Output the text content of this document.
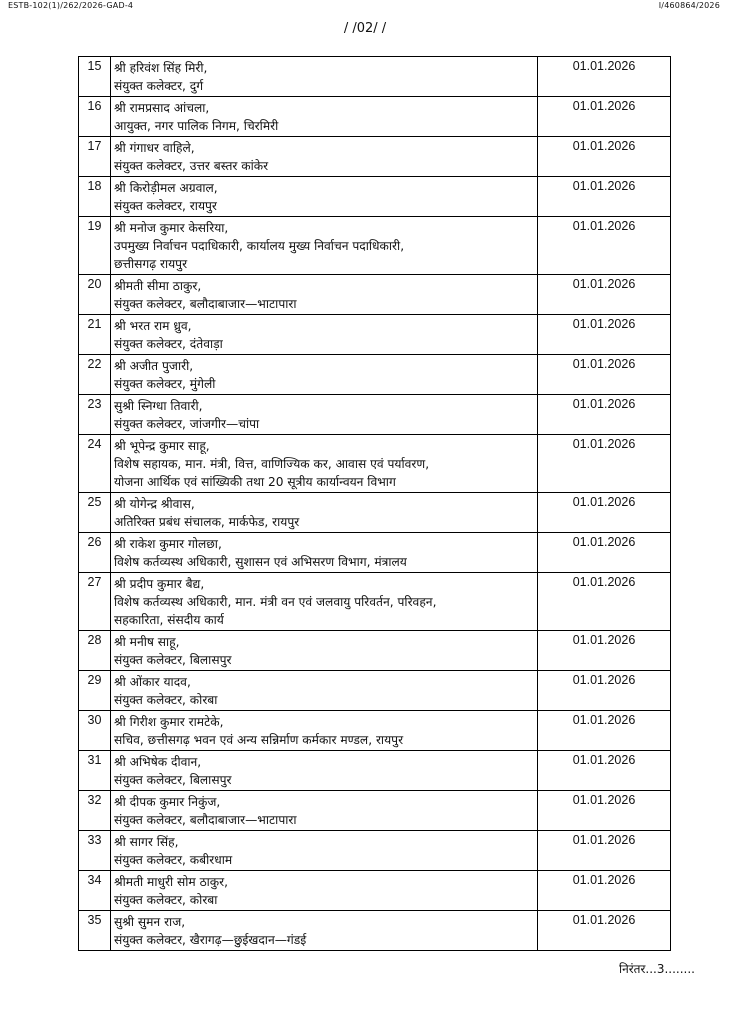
ESTB-102(1)/262/2026-GAD-4	I/460864/2026
/ /02/ /
15	श्री हरिवंश सिंह मिरी,
संयुक्त कलेक्टर, दुर्ग	01.01.2026
16	श्री रामप्रसाद आंचला,
आयुक्त, नगर पालिक निगम, चिरमिरी	01.01.2026
17	श्री गंगाधर वाहिले,
संयुक्त कलेक्टर, उत्तर बस्तर कांकेर	01.01.2026
18	श्री किरोड़ीमल अग्रवाल,
संयुक्त कलेक्टर, रायपुर	01.01.2026
19	श्री मनोज कुमार केसरिया,
उपमुख्य निर्वाचन पदाधिकारी, कार्यालय मुख्य निर्वाचन पदाधिकारी,
छत्तीसगढ़ रायपुर	01.01.2026
20	श्रीमती सीमा ठाकुर,
संयुक्त कलेक्टर, बलौदाबाजार—भाटापारा	01.01.2026
21	श्री भरत राम ध्रुव,
संयुक्त कलेक्टर, दंतेवाड़ा	01.01.2026
22	श्री अजीत पुजारी,
संयुक्त कलेक्टर, मुंगेली	01.01.2026
23	सुश्री स्निग्धा तिवारी,
संयुक्त कलेक्टर, जांजगीर—चांपा	01.01.2026
24	श्री भूपेन्द्र कुमार साहू,
विशेष सहायक, मान. मंत्री, वित्त, वाणिज्यिक कर, आवास एवं पर्यावरण,
योजना आर्थिक एवं सांख्यिकी तथा 20 सूत्रीय कार्यान्वयन विभाग	01.01.2026
25	श्री योगेन्द्र श्रीवास,
अतिरिक्त प्रबंध संचालक, मार्कफेड, रायपुर	01.01.2026
26	श्री राकेश कुमार गोलछा,
विशेष कर्तव्यस्थ अधिकारी, सुशासन एवं अभिसरण विभाग, मंत्रालय	01.01.2026
27	श्री प्रदीप कुमार बैद्य,
विशेष कर्तव्यस्थ अधिकारी, मान. मंत्री वन एवं जलवायु परिवर्तन, परिवहन,
सहकारिता, संसदीय कार्य	01.01.2026
28	श्री मनीष साहू,
संयुक्त कलेक्टर, बिलासपुर	01.01.2026
29	श्री ओंकार यादव,
संयुक्त कलेक्टर, कोरबा	01.01.2026
30	श्री गिरीश कुमार रामटेके,
सचिव, छत्तीसगढ़ भवन एवं अन्य सन्निर्माण कर्मकार मण्डल, रायपुर	01.01.2026
31	श्री अभिषेक दीवान,
संयुक्त कलेक्टर, बिलासपुर	01.01.2026
32	श्री दीपक कुमार निकुंज,
संयुक्त कलेक्टर, बलौदाबाजार—भाटापारा	01.01.2026
33	श्री सागर सिंह,
संयुक्त कलेक्टर, कबीरधाम	01.01.2026
34	श्रीमती माधुरी सोम ठाकुर,
संयुक्त कलेक्टर, कोरबा	01.01.2026
35	सुश्री सुमन राज,
संयुक्त कलेक्टर, खैरागढ़—छुईखदान—गंडई	01.01.2026
निरंतर...3........
